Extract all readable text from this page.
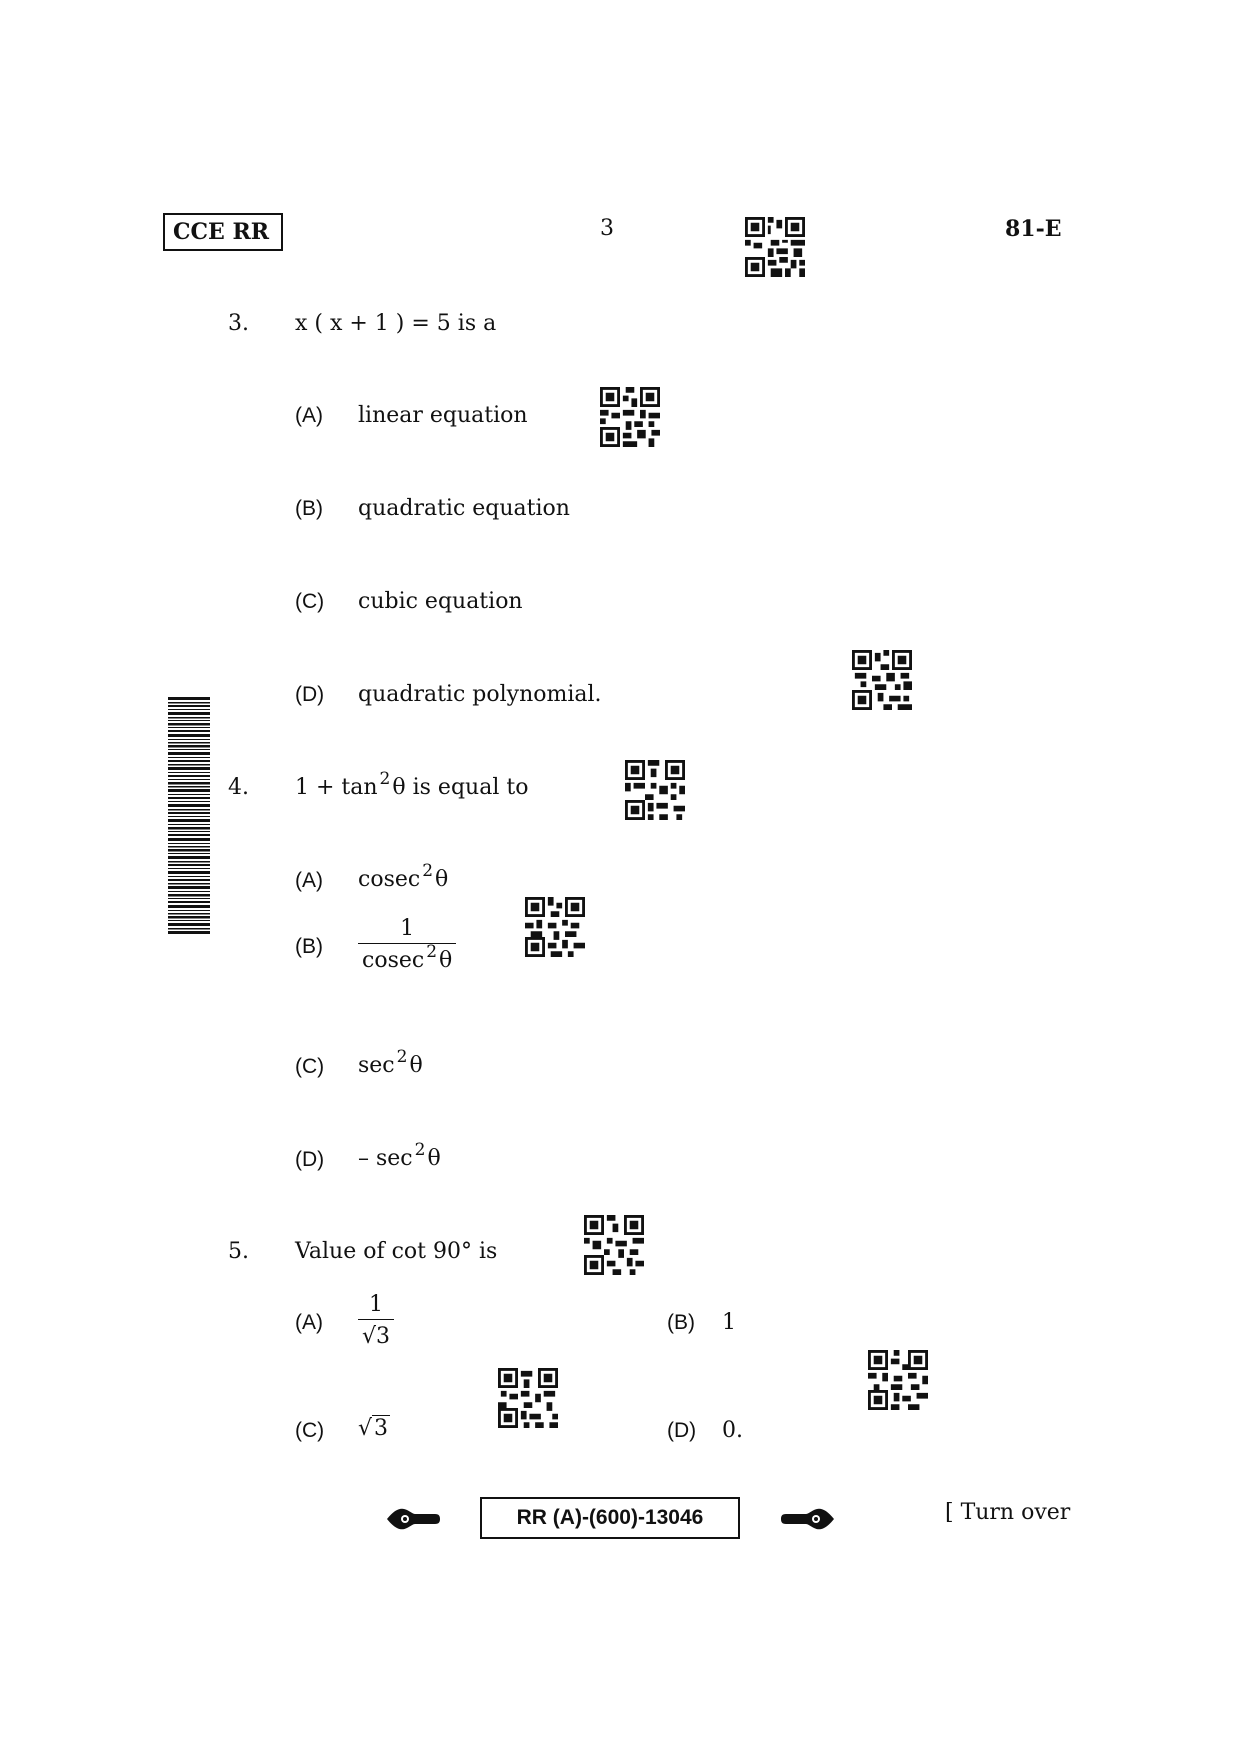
CCE RR	3	81-E
3. x ( x + 1 ) = 5 is a
(A) linear equation
(B) quadratic equation
(C) cubic equation
(D) quadratic polynomial.
4. 1 + tan $^2$θ is equal to
(A) cosec $^2$θ
$(B) \frac{1}{cosec ^2\theta}$
(C) sec $^2$θ
(D) – sec $^2$θ
5. Value of cot 90° is
$(A) \frac{1}{√3}$	(B) 1
(C) √3	(D) 0.
RR (A)-(600)-13046	[ Turn over
